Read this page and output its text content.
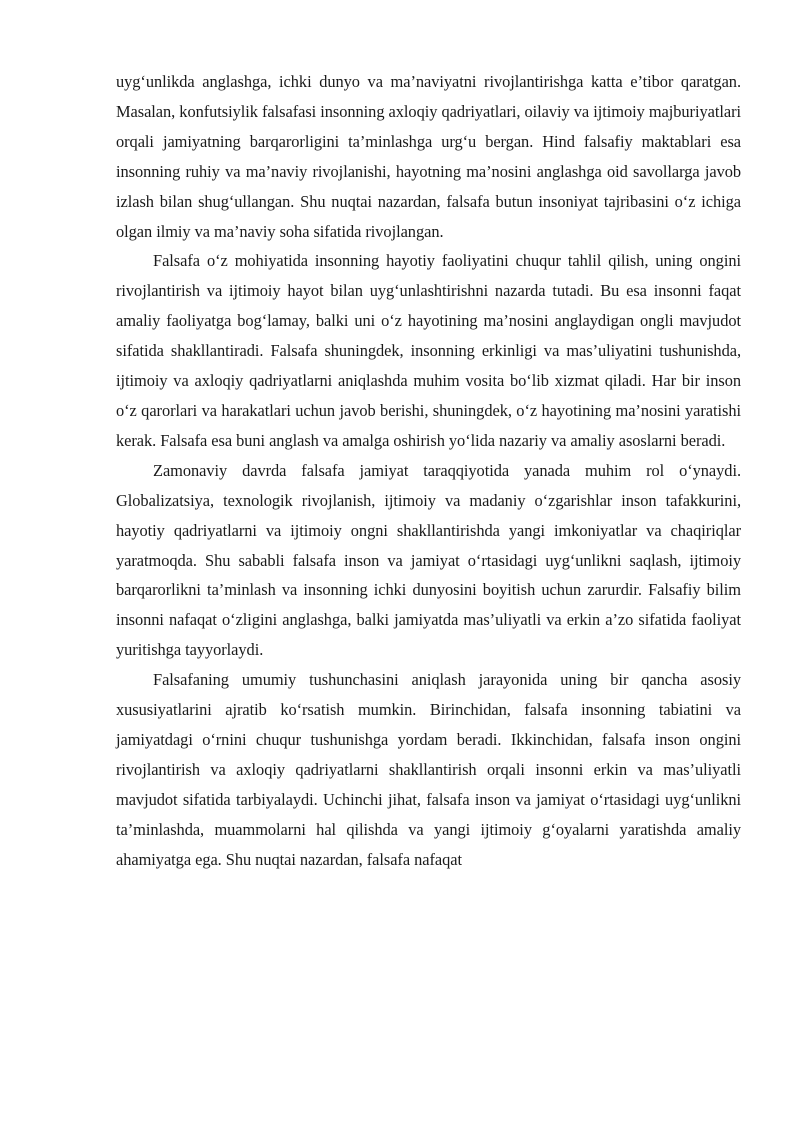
uyg‘unlikda anglashga, ichki dunyo va ma’naviyatni rivojlantirishga katta e’tibor qaratgan. Masalan, konfutsiylik falsafasi insonning axloqiy qadriyatlari, oilaviy va ijtimoiy majburiyatlari orqali jamiyatning barqarorligini ta’minlashga urg‘u bergan. Hind falsafiy maktablari esa insonning ruhiy va ma’naviy rivojlanishi, hayotning ma’nosini anglashga oid savollarga javob izlash bilan shug‘ullangan. Shu nuqtai nazardan, falsafa butun insoniyat tajribasini o‘z ichiga olgan ilmiy va ma’naviy soha sifatida rivojlangan.

Falsafa o‘z mohiyatida insonning hayotiy faoliyatini chuqur tahlil qilish, uning ongini rivojlantirish va ijtimoiy hayot bilan uyg‘unlashtirishni nazarda tutadi. Bu esa insonni faqat amaliy faoliyatga bog‘lamay, balki uni o‘z hayotining ma’nosini anglaydigan ongli mavjudot sifatida shakllantiradi. Falsafa shuningdek, insonning erkinligi va mas’uliyatini tushunishda, ijtimoiy va axloqiy qadriyatlarni aniqlashda muhim vosita bo‘lib xizmat qiladi. Har bir inson o‘z qarorlari va harakatlari uchun javob berishi, shuningdek, o‘z hayotining ma’nosini yaratishi kerak. Falsafa esa buni anglash va amalga oshirish yo‘lida nazariy va amaliy asoslarni beradi.

Zamonaviy davrda falsafa jamiyat taraqqiyotida yanada muhim rol o‘ynaydi. Globalizatsiya, texnologik rivojlanish, ijtimoiy va madaniy o‘zgarishlar inson tafakkurini, hayotiy qadriyatlarni va ijtimoiy ongni shakllantirishda yangi imkoniyatlar va chaqiriqlar yaratmoqda. Shu sababli falsafa inson va jamiyat o‘rtasidagi uyg‘unlikni saqlash, ijtimoiy barqarorlikni ta’minlash va insonning ichki dunyosini boyitish uchun zarurdir. Falsafiy bilim insonni nafaqat o‘zligini anglashga, balki jamiyatda mas’uliyatli va erkin a’zo sifatida faoliyat yuritishga tayyorlaydi.

Falsafaning umumiy tushunchasini aniqlash jarayonida uning bir qancha asosiy xususiyatlarini ajratib ko‘rsatish mumkin. Birinchidan, falsafa insonning tabiatini va jamiyatdagi o‘rnini chuqur tushunishga yordam beradi. Ikkinchidan, falsafa inson ongini rivojlantirish va axloqiy qadriyatlarni shakllantirish orqali insonni erkin va mas’uliyatli mavjudot sifatida tarbiyalaydi. Uchinchi jihat, falsafa inson va jamiyat o‘rtasidagi uyg‘unlikni ta’minlashda, muammolarni hal qilishda va yangi ijtimoiy g‘oyalarni yaratishda amaliy ahamiyatga ega. Shu nuqtai nazardan, falsafa nafaqat
